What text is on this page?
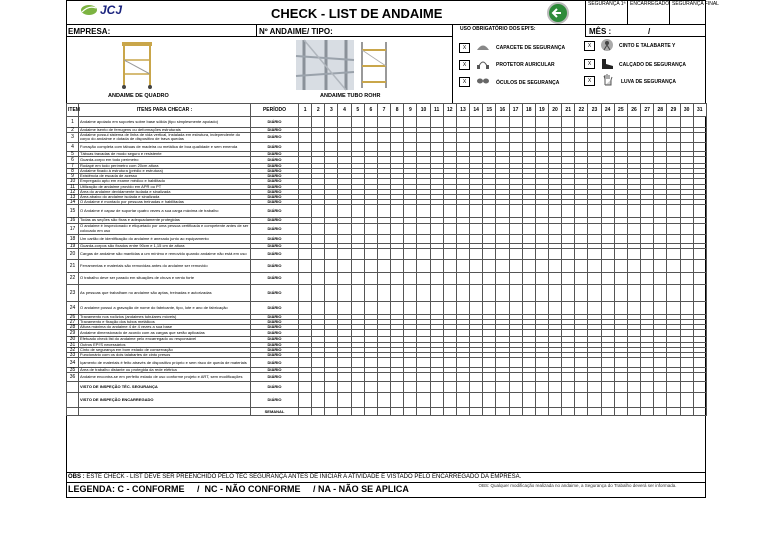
JCJ	CHECK - LIST DE ANDAIME
SEGURANÇA 1ª ENCARREGADO SEGURANÇA FINAL
EMPRESA:	Nº ANDAIME/ TIPO:	USO OBRIGATÓRIO DOS EPI'S:	MÊS :	/
ANDAIME DE QUADRO	ANDAIME TUBO ROHR
X	CAPACETE DE SEGURANÇA
X	PROTETOR AURICULAR
X	ÓCULOS DE SEGURANÇA
X	CINTO E TALABARTE Y
X	CALÇADO DE SEGURANÇA
X	LUVA DE SEGURANÇA
ITEM	ITENS PARA CHECAR :	PERÍODO	1	2	3	4	5	6	7	8	9	10	11	12	13	14	15	16	17	18	19	20	21	22	23	24	25	26	27	28	29	30	31
1	Andaime apoiado em suportes sobre base sólida (tipo simplesmente apoiado)	DIÁRIO																															
2	Andaime isento de ferrugens ou deformações estruturais	DIÁRIO																															
3	Andaime possui sistema de linha de vida vertical, instalada em estrutura, independente do corpo do andaime e dotada de dispositivo de trava quedas	DIÁRIO																															
4	Forração completa com tábuas de madeira ou metálica de boa qualidade e sem emenda	DIÁRIO																															
5	Tábuas travadas de modo seguro e resistente	DIÁRIO																															
6	Guarda-corpo em todo perímetro	DIÁRIO																															
7	Rodapé em todo perímetro com 20cm altura	DIÁRIO																															
8	Andaime fixado à estrutura (prédio e estrutura)	DIÁRIO																															
9	Existência de escada de acesso	DIÁRIO																															
10	Empregado apto em exame médico e habilitado	DIÁRIO																															
11	Utilização de andaime provido em APR ou PT	DIÁRIO																															
12	Área do andaime devidamente isolada e sinalizada	DIÁRIO																															
13	Área abaixo do andaime isolada e sinalizada	DIÁRIO																															
14	O Andaime é montado por pessoas treinadas e habilitadas	DIÁRIO																															
15	O Andaime é capaz de suportar quatro vezes a sua carga máxima de trabalho	DIÁRIO																															
16	Todas as seções são fixas e adequadamente protegidas	DIÁRIO																															
17	O andaime é inspecionado e etiquetado por uma pessoa certificada e competente antes de ser colocado em uso	DIÁRIO																															
18	Um cartão de identificação do andaime é anexado junto ao equipamento	DIÁRIO																															
19	Guarda-corpos são fixados entre 90cm e 1,15 cm de altura	DIÁRIO																															
20	Cargas de andaime são mantidas a um mínimo e removido quando andaime não está em uso	DIÁRIO																															
21	Ferramentas e materiais são removidas antes do andaime ser removido	DIÁRIO																															
22	O trabalho deve ser parado em situações de chuva e vento forte	DIÁRIO																															
23	As pessoas que trabalham no andaime são aptas, treinadas e autorizadas	DIÁRIO																															
24	O andaime possui a gravação de nome do fabricante, tipo, lote e ano de fabricação	DIÁRIO																															
26	Travamento nos rodízios (andaimes tubulares móveis)	DIÁRIO																															
27	Travamento e fixação dos tubos metálicos	DIÁRIO																															
28	Altura máxima do andaime 4 de 4 vezes a sua base	DIÁRIO																															
29	Andaime dimensionado de acordo com as cargas que serão aplicadas	DIÁRIO																															
30	Efetuado check list do andaime pelo encarregado ou responsável	DIÁRIO																															
31	Outros EPI'S necessários	DIÁRIO																															
32	Cinto de segurança em bom estado de conservação	DIÁRIO																															
33	Funcionário com os dois talabartes de cinto presos	DIÁRIO																															
34	Içamento de materiais é feito através de dispositivo próprio e sem risco de queda de materiais	DIÁRIO																															
35	Área de trabalho distante ou protegida da rede elétrica	DIÁRIO																															
36	Andaime encontra-se em perfeito estado de uso conforme projeto e ART, sem modificações	DIÁRIO																															
	VISTO DE INSPEÇÃO TÉC. SEGURANÇA	DIÁRIO																															
	VISTO DE INSPEÇÃO ENCARREGADO	DIÁRIO																															
		SEMANAL																															
OBS : ESTE CHECK - LIST DEVE SER PREENCHIDO PELO TÉC SEGURANÇA ANTES DE INICIAR A ATIVIDADE E VISTADO PELO ENCARREGADO DA EMPRESA.
LEGENDA: C - CONFORME     /  NC - NÃO CONFORME     / NA - NÃO SE APLICA	OBS: Qualquer modificação realizada no andaime, a Segurança do Trabalho deverá ser informada.
